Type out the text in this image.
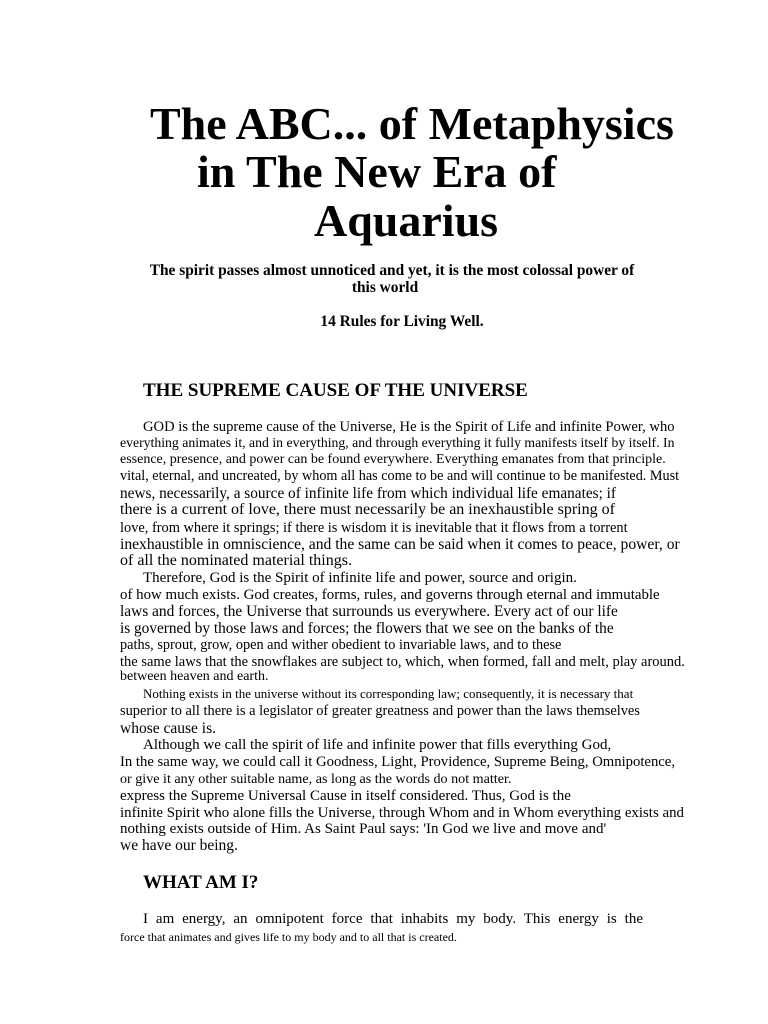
The ABC... of Metaphysics
in The New Era of
Aquarius
The spirit passes almost unnoticed and yet, it is the most colossal power of
this world
14 Rules for Living Well.
THE SUPREME CAUSE OF THE UNIVERSE
GOD is the supreme cause of the Universe, He is the Spirit of Life and infinite Power, who
everything animates it, and in everything, and through everything it fully manifests itself by itself. In
essence, presence, and power can be found everywhere. Everything emanates from that principle.
vital, eternal, and uncreated, by whom all has come to be and will continue to be manifested. Must
news, necessarily, a source of infinite life from which individual life emanates; if
there is a current of love, there must necessarily be an inexhaustible spring of
love, from where it springs; if there is wisdom it is inevitable that it flows from a torrent
inexhaustible in omniscience, and the same can be said when it comes to peace, power, or
of all the nominated material things.
Therefore, God is the Spirit of infinite life and power, source and origin.
of how much exists. God creates, forms, rules, and governs through eternal and immutable
laws and forces, the Universe that surrounds us everywhere. Every act of our life
is governed by those laws and forces; the flowers that we see on the banks of the
paths, sprout, grow, open and wither obedient to invariable laws, and to these
the same laws that the snowflakes are subject to, which, when formed, fall and melt, play around.
between heaven and earth.
Nothing exists in the universe without its corresponding law; consequently, it is necessary that
superior to all there is a legislator of greater greatness and power than the laws themselves
whose cause is.
Although we call the spirit of life and infinite power that fills everything God,
In the same way, we could call it Goodness, Light, Providence, Supreme Being, Omnipotence,
or give it any other suitable name, as long as the words do not matter.
express the Supreme Universal Cause in itself considered. Thus, God is the
infinite Spirit who alone fills the Universe, through Whom and in Whom everything exists and
nothing exists outside of Him. As Saint Paul says: 'In God we live and move and'
we have our being.
WHAT AM I?
I am energy, an omnipotent force that inhabits my body. This energy is the
force that animates and gives life to my body and to all that is created.
